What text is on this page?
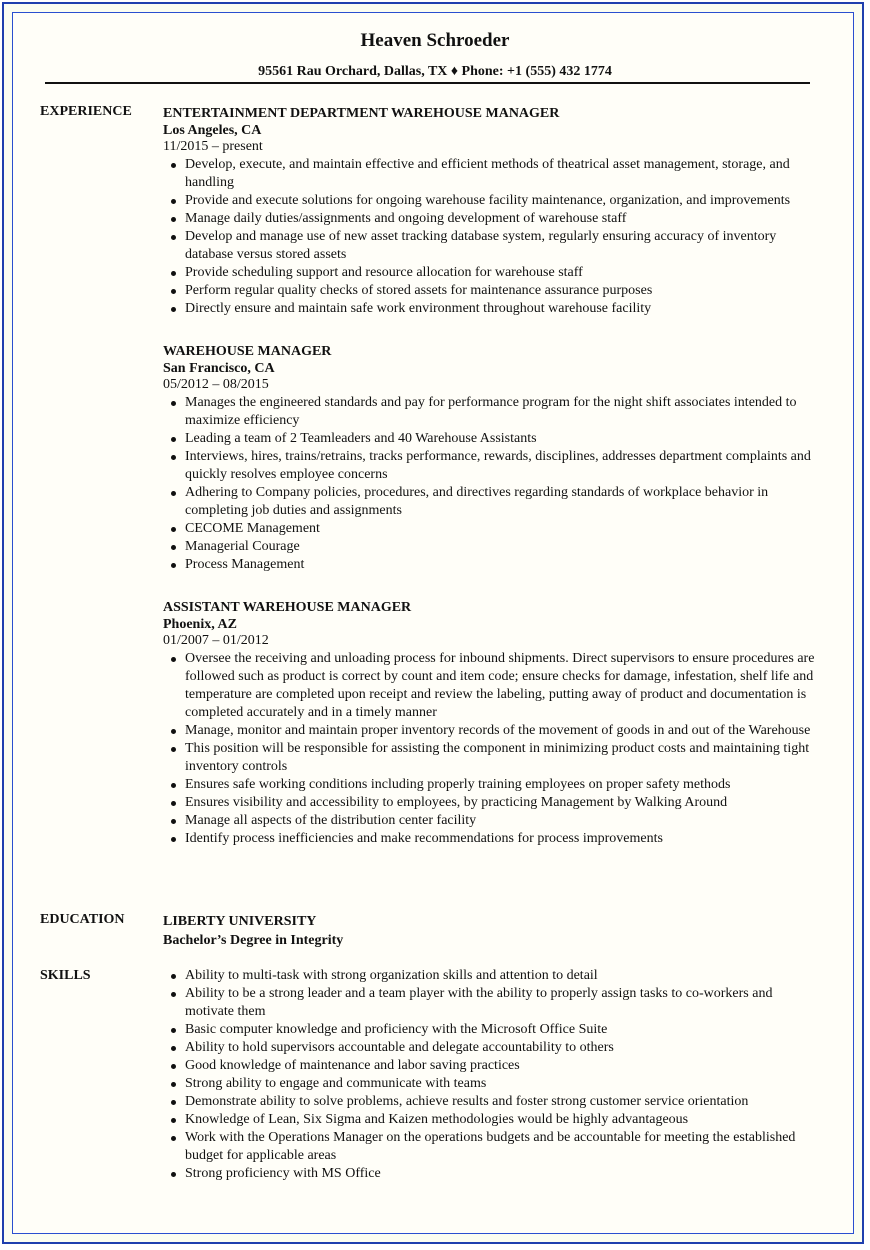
Heaven Schroeder
95561 Rau Orchard, Dallas, TX ♦ Phone: +1 (555) 432 1774
EXPERIENCE ENTERTAINMENT DEPARTMENT WAREHOUSE MANAGER
Los Angeles, CA
11/2015 – present
Develop, execute, and maintain effective and efficient methods of theatrical asset management, storage, and handling
Provide and execute solutions for ongoing warehouse facility maintenance, organization, and improvements
Manage daily duties/assignments and ongoing development of warehouse staff
Develop and manage use of new asset tracking database system, regularly ensuring accuracy of inventory database versus stored assets
Provide scheduling support and resource allocation for warehouse staff
Perform regular quality checks of stored assets for maintenance assurance purposes
Directly ensure and maintain safe work environment throughout warehouse facility
WAREHOUSE MANAGER
San Francisco, CA
05/2012 – 08/2015
Manages the engineered standards and pay for performance program for the night shift associates intended to maximize efficiency
Leading a team of 2 Teamleaders and 40 Warehouse Assistants
Interviews, hires, trains/retrains, tracks performance, rewards, disciplines, addresses department complaints and quickly resolves employee concerns
Adhering to Company policies, procedures, and directives regarding standards of workplace behavior in completing job duties and assignments
CECOME Management
Managerial Courage
Process Management
ASSISTANT WAREHOUSE MANAGER
Phoenix, AZ
01/2007 – 01/2012
Oversee the receiving and unloading process for inbound shipments. Direct supervisors to ensure procedures are followed such as product is correct by count and item code; ensure checks for damage, infestation, shelf life and temperature are completed upon receipt and review the labeling, putting away of product and documentation is completed accurately and in a timely manner
Manage, monitor and maintain proper inventory records of the movement of goods in and out of the Warehouse
This position will be responsible for assisting the component in minimizing product costs and maintaining tight inventory controls
Ensures safe working conditions including properly training employees on proper safety methods
Ensures visibility and accessibility to employees, by practicing Management by Walking Around
Manage all aspects of the distribution center facility
Identify process inefficiencies and make recommendations for process improvements
EDUCATION	LIBERTY UNIVERSITY
Bachelor’s Degree in Integrity
SKILLS	Ability to multi-task with strong organization skills and attention to detail
Ability to be a strong leader and a team player with the ability to properly assign tasks to co-workers and motivate them
Basic computer knowledge and proficiency with the Microsoft Office Suite
Ability to hold supervisors accountable and delegate accountability to others
Good knowledge of maintenance and labor saving practices
Strong ability to engage and communicate with teams
Demonstrate ability to solve problems, achieve results and foster strong customer service orientation
Knowledge of Lean, Six Sigma and Kaizen methodologies would be highly advantageous
Work with the Operations Manager on the operations budgets and be accountable for meeting the established budget for applicable areas
Strong proficiency with MS Office
